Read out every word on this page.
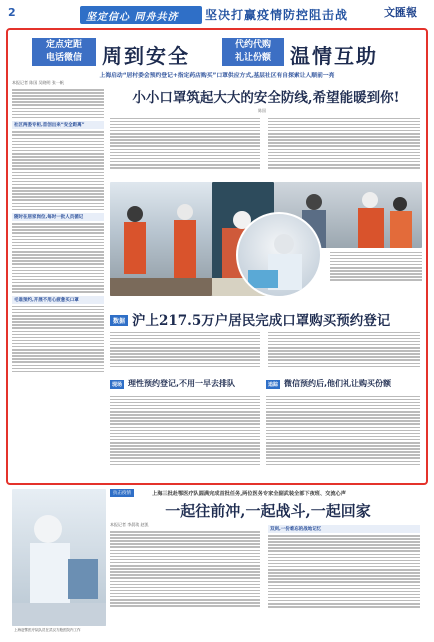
2	坚定信心 同舟共济 坚决打赢疫情防控阻击战	文匯報
定点定距
电话微信	周到安全	代约代购
礼让份额 温情互助
上海启动“居村委会预约登记+指定药店购买”口罩供应方式,基层社区有自探索让人顺前一亮
本报记者 陈国 吴晓明 张一帆
社区两委专柜,首创出来“安全距离”
随时在居家岗位,每时一批人员循记
毛谁预约,开展不用心疲惫买口罩
小小口罩筑起大大的安全防线,希望能暖到你!
陈国
数据 沪上217.5万户居民完成口罩购买预约登记
现场 理性预约登记,不用一早去排队	追踪 微信预约后,他们礼让购买份额
上海赴鄂医疗队队员在武汉方舱医院内工作
抗击疫情	上海三批赴鄂医疗队圆满完成首批任务,两位医务专家全副武装全部下夜班、交流心声
一起往前冲,一起战斗,一起回家
本报记者 李晨琰 赵凯
双剑,一份难忘的战地记忆
